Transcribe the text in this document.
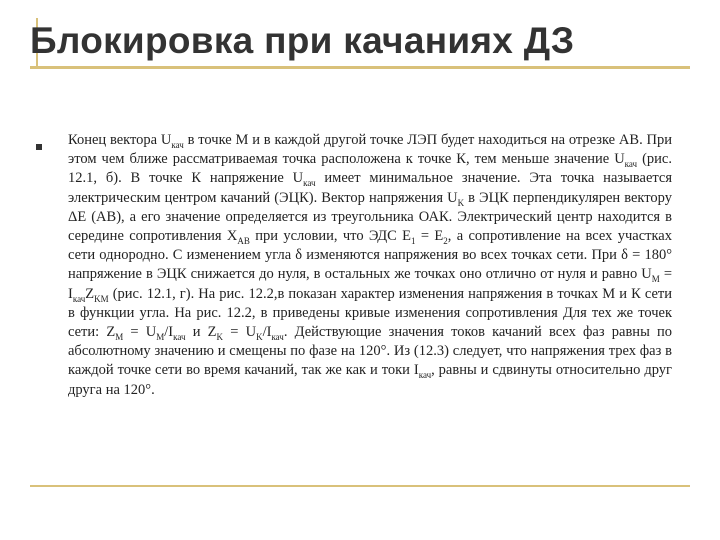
Блокировка при качаниях ДЗ
Конец вектора $U_{кач}$ в точке М и в каждой другой точке ЛЭП будет находиться на отрезке АВ. При этом чем ближе рассматриваемая точка расположена к точке К, тем меньше значение $U_{кач}$ (рис. 12.1, б). В точке К напряжение $U_{кач}$ имеет минимальное значение. Эта точка называется электрическим центром качаний (ЭЦК). Вектор напряжения $U_K$ в ЭЦК перпендикулярен вектору ΔЕ (АВ), а его значение определяется из треугольника ОАК. Электрический центр находится в середине сопротивления $X_{AB}$ при условии, что ЭДС $E_1 = E_2$, а сопротивление на всех участках сети однородно. С изменением угла δ изменяются напряжения во всех точках сети. При δ = 180° напряжение в ЭЦК снижается до нуля, в остальных же точках оно отлично от нуля и равно $U_M = I_{кач}Z_{KM}$ (рис. 12.1, г). На рис. 12.2,в показан характер изменения напряжения в точках М и К сети в функции угла. На рис. 12.2, в приведены кривые изменения сопротивления Для тех же точек сети: $Z_M = U_M/I_{кач}$ и $Z_K = U_K/I_{кач}$. Действующие значения токов качаний всех фаз равны по абсолютному значению и смещены по фазе на 120°. Из (12.3) следует, что напряжения трех фаз в каждой точке сети во время качаний, так же как и токи $I_{кач}$, равны и сдвинуты относительно друг друга на 120°.
